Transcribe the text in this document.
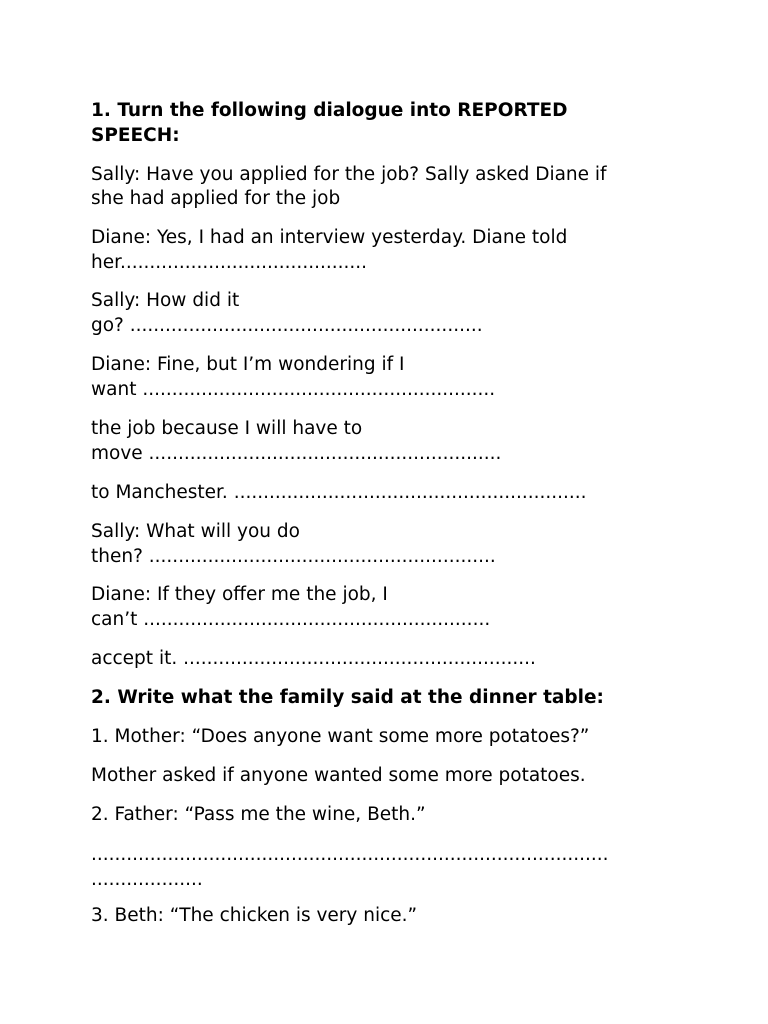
1. Turn the following dialogue into REPORTED

SPEECH:

Sally: Have you applied for the job? Sally asked Diane if

she had applied for the job

Diane: Yes, I had an interview yesterday. Diane told

her..........................................

Sally: How did it

go? ............................................................

Diane: Fine, but I’m wondering if I

want ............................................................

the job because I will have to

move ............................................................

to Manchester. ............................................................

Sally: What will you do

then? ...........................................................

Diane: If they offer me the job, I

can’t ...........................................................

accept it. ............................................................

2. Write what the family said at the dinner table:

1. Mother: “Does anyone want some more potatoes?”

Mother asked if anyone wanted some more potatoes.

2. Father: “Pass me the wine, Beth.”

........................................................................................

...................

3. Beth: “The chicken is very nice.”
